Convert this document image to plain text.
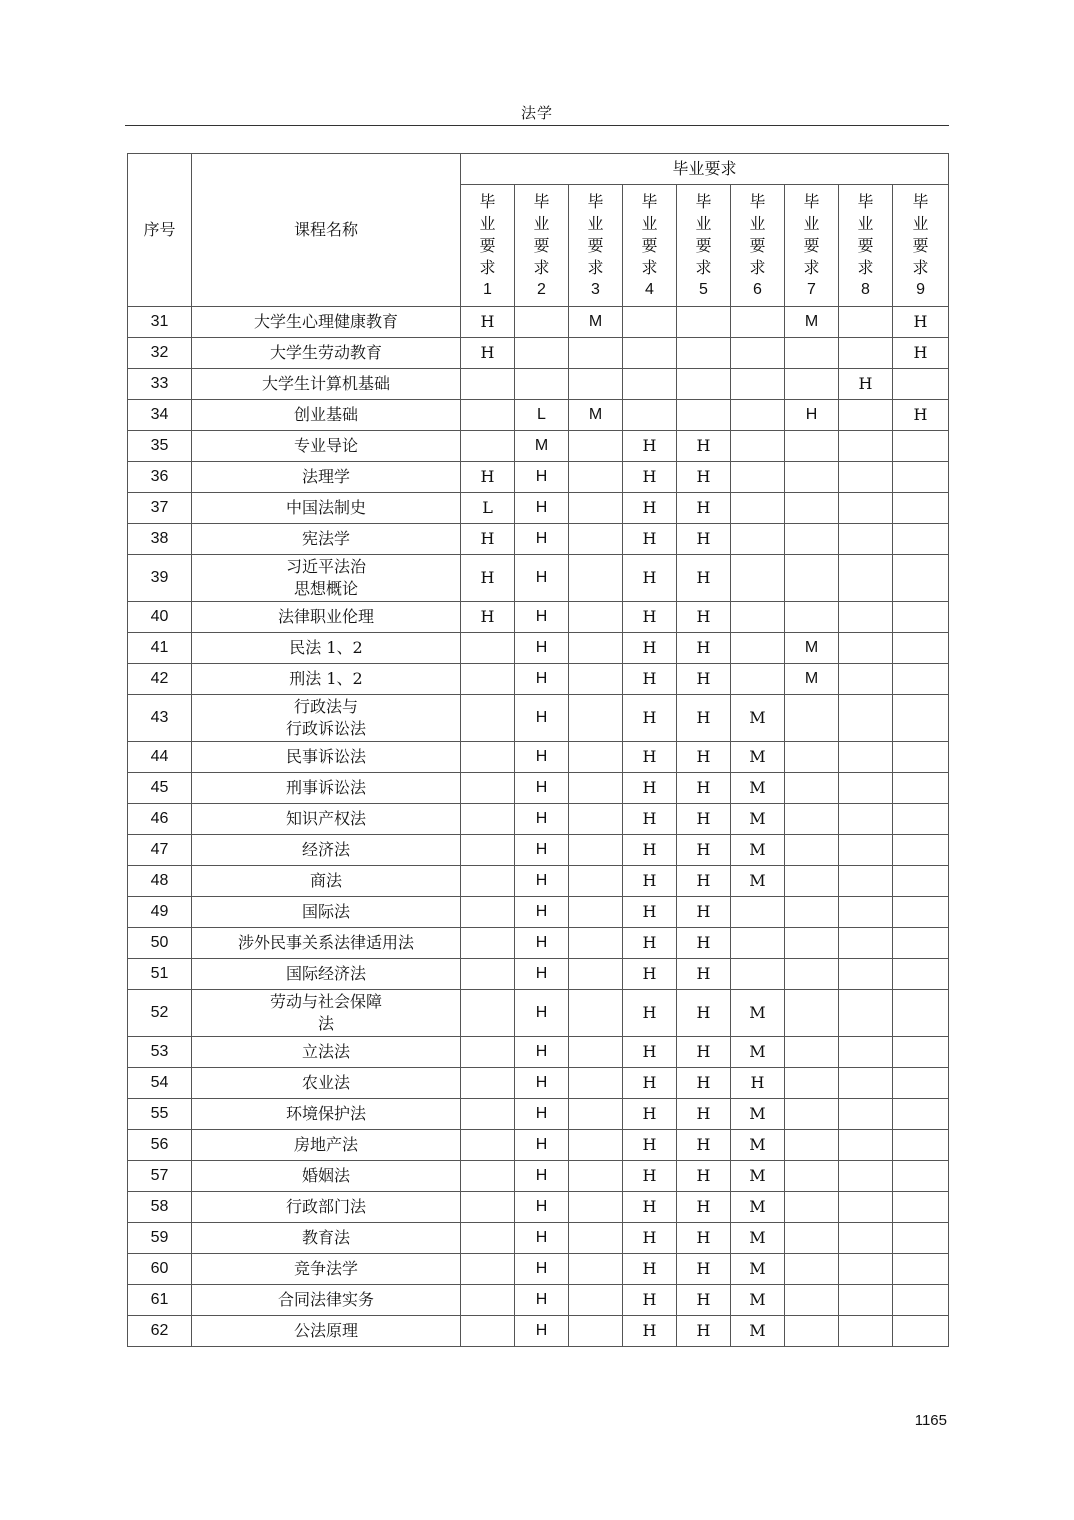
法学
序号	课程名称	毕业要求								

		毕
业
要
求
1	毕
业
要
求
2	毕
业
要
求
3	毕
业
要
求
4	毕
业
要
求
5	毕
业
要
求
6	毕
业
要
求
7	毕
业
要
求
8	毕
业
要
求
9

31	大学生心理健康教育	H		M				M		H
32	大学生劳动教育	H								H
33	大学生计算机基础								H	
34	创业基础		L	M				H		H
35	专业导论		M		H	H				
36	法理学	H	H		H	H				
37	中国法制史	L	H		H	H				
38	宪法学	H	H		H	H				
39	习近平法治
思想概论	H	H		H	H				
40	法律职业伦理	H	H		H	H				
41	民法 1、2		H		H	H		M		
42	刑法 1、2		H		H	H		M		
43	行政法与
行政诉讼法		H		H	H	M			
44	民事诉讼法		H		H	H	M			
45	刑事诉讼法		H		H	H	M			
46	知识产权法		H		H	H	M			
47	经济法		H		H	H	M			
48	商法		H		H	H	M			
49	国际法		H		H	H				
50	涉外民事关系法律适用法		H		H	H				
51	国际经济法		H		H	H				
52	劳动与社会保障
法		H		H	H	M			
53	立法法		H		H	H	M			
54	农业法		H		H	H	H			
55	环境保护法		H		H	H	M			
56	房地产法		H		H	H	M			
57	婚姻法		H		H	H	M			
58	行政部门法		H		H	H	M			
59	教育法		H		H	H	M			
60	竞争法学		H		H	H	M			
61	合同法律实务		H		H	H	M			
62	公法原理		H		H	H	M			
1165
